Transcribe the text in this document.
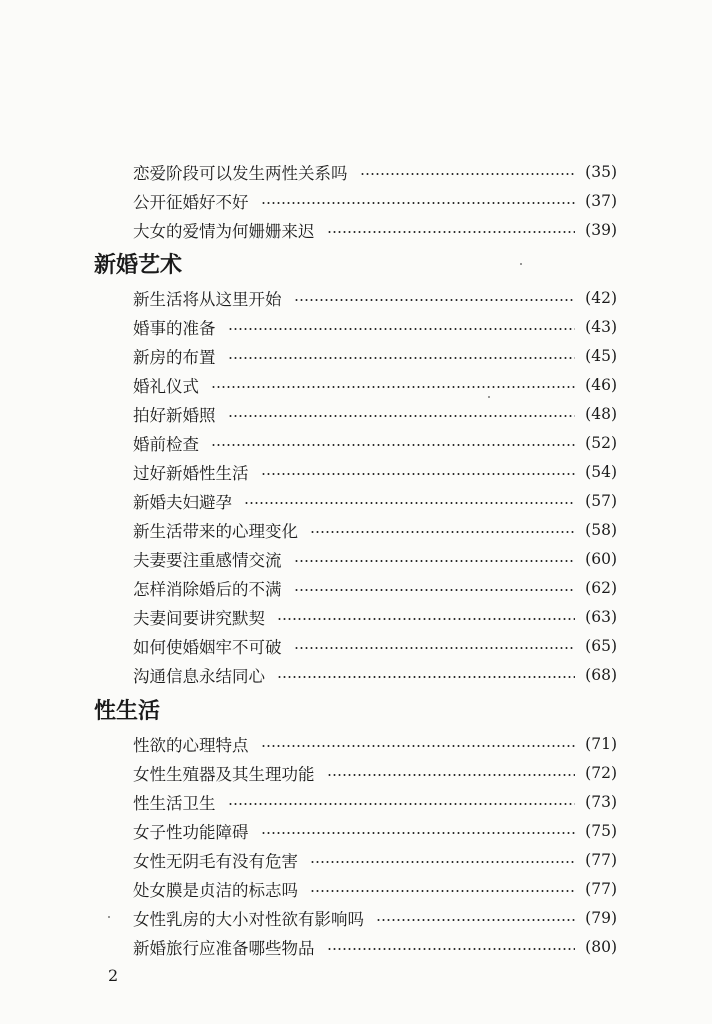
恋爱阶段可以发生两性关系吗	(35)
公开征婚好不好	(37)
大女的爱情为何姗姗来迟	(39)
新婚艺术
新生活将从这里开始	(42)
婚事的准备	(43)
新房的布置	(45)
婚礼仪式	(46)
拍好新婚照	(48)
婚前检查	(52)
过好新婚性生活	(54)
新婚夫妇避孕	(57)
新生活带来的心理变化	(58)
夫妻要注重感情交流	(60)
怎样消除婚后的不满	(62)
夫妻间要讲究默契	(63)
如何使婚姻牢不可破	(65)
沟通信息永结同心	(68)
性生活
性欲的心理特点	(71)
女性生殖器及其生理功能	(72)
性生活卫生	(73)
女子性功能障碍	(75)
女性无阴毛有没有危害	(77)
处女膜是贞洁的标志吗	(77)
女性乳房的大小对性欲有影响吗	(79)
新婚旅行应准备哪些物品	(80)
2
